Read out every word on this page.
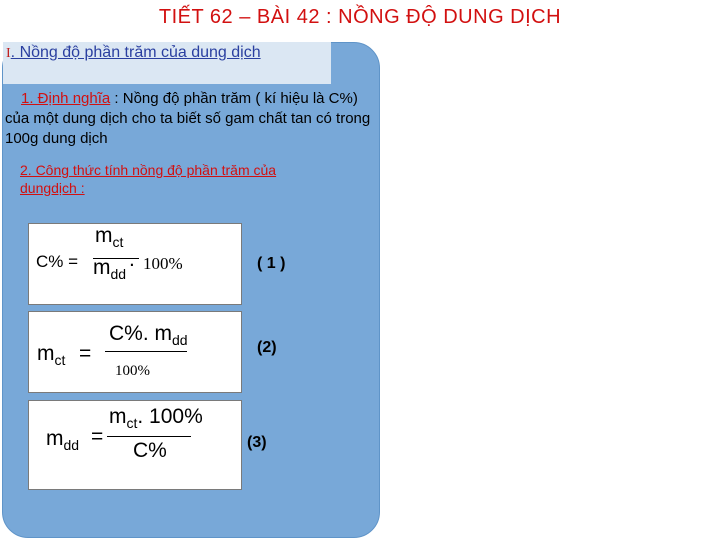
TIẾT 62 – BÀI 42 : NỒNG ĐỘ DUNG DỊCH
I. Nồng độ phần trăm của dung dịch
1. Định nghĩa : Nồng độ phần trăm ( kí hiệu là C%) của một dung dịch cho ta biết số gam chất tan có trong 100g dung dịch
2. Công thức tính nồng độ phần trăm của dungdịch :
C% =
$m_{ct}$
$m_{dd}$
. 100%	( 1 )
$m_{ct}$ =
C%. $m_{dd}$
100%
(2)
$m_{dd}$ =
$m_{ct}$. 100%
C%	(3)
